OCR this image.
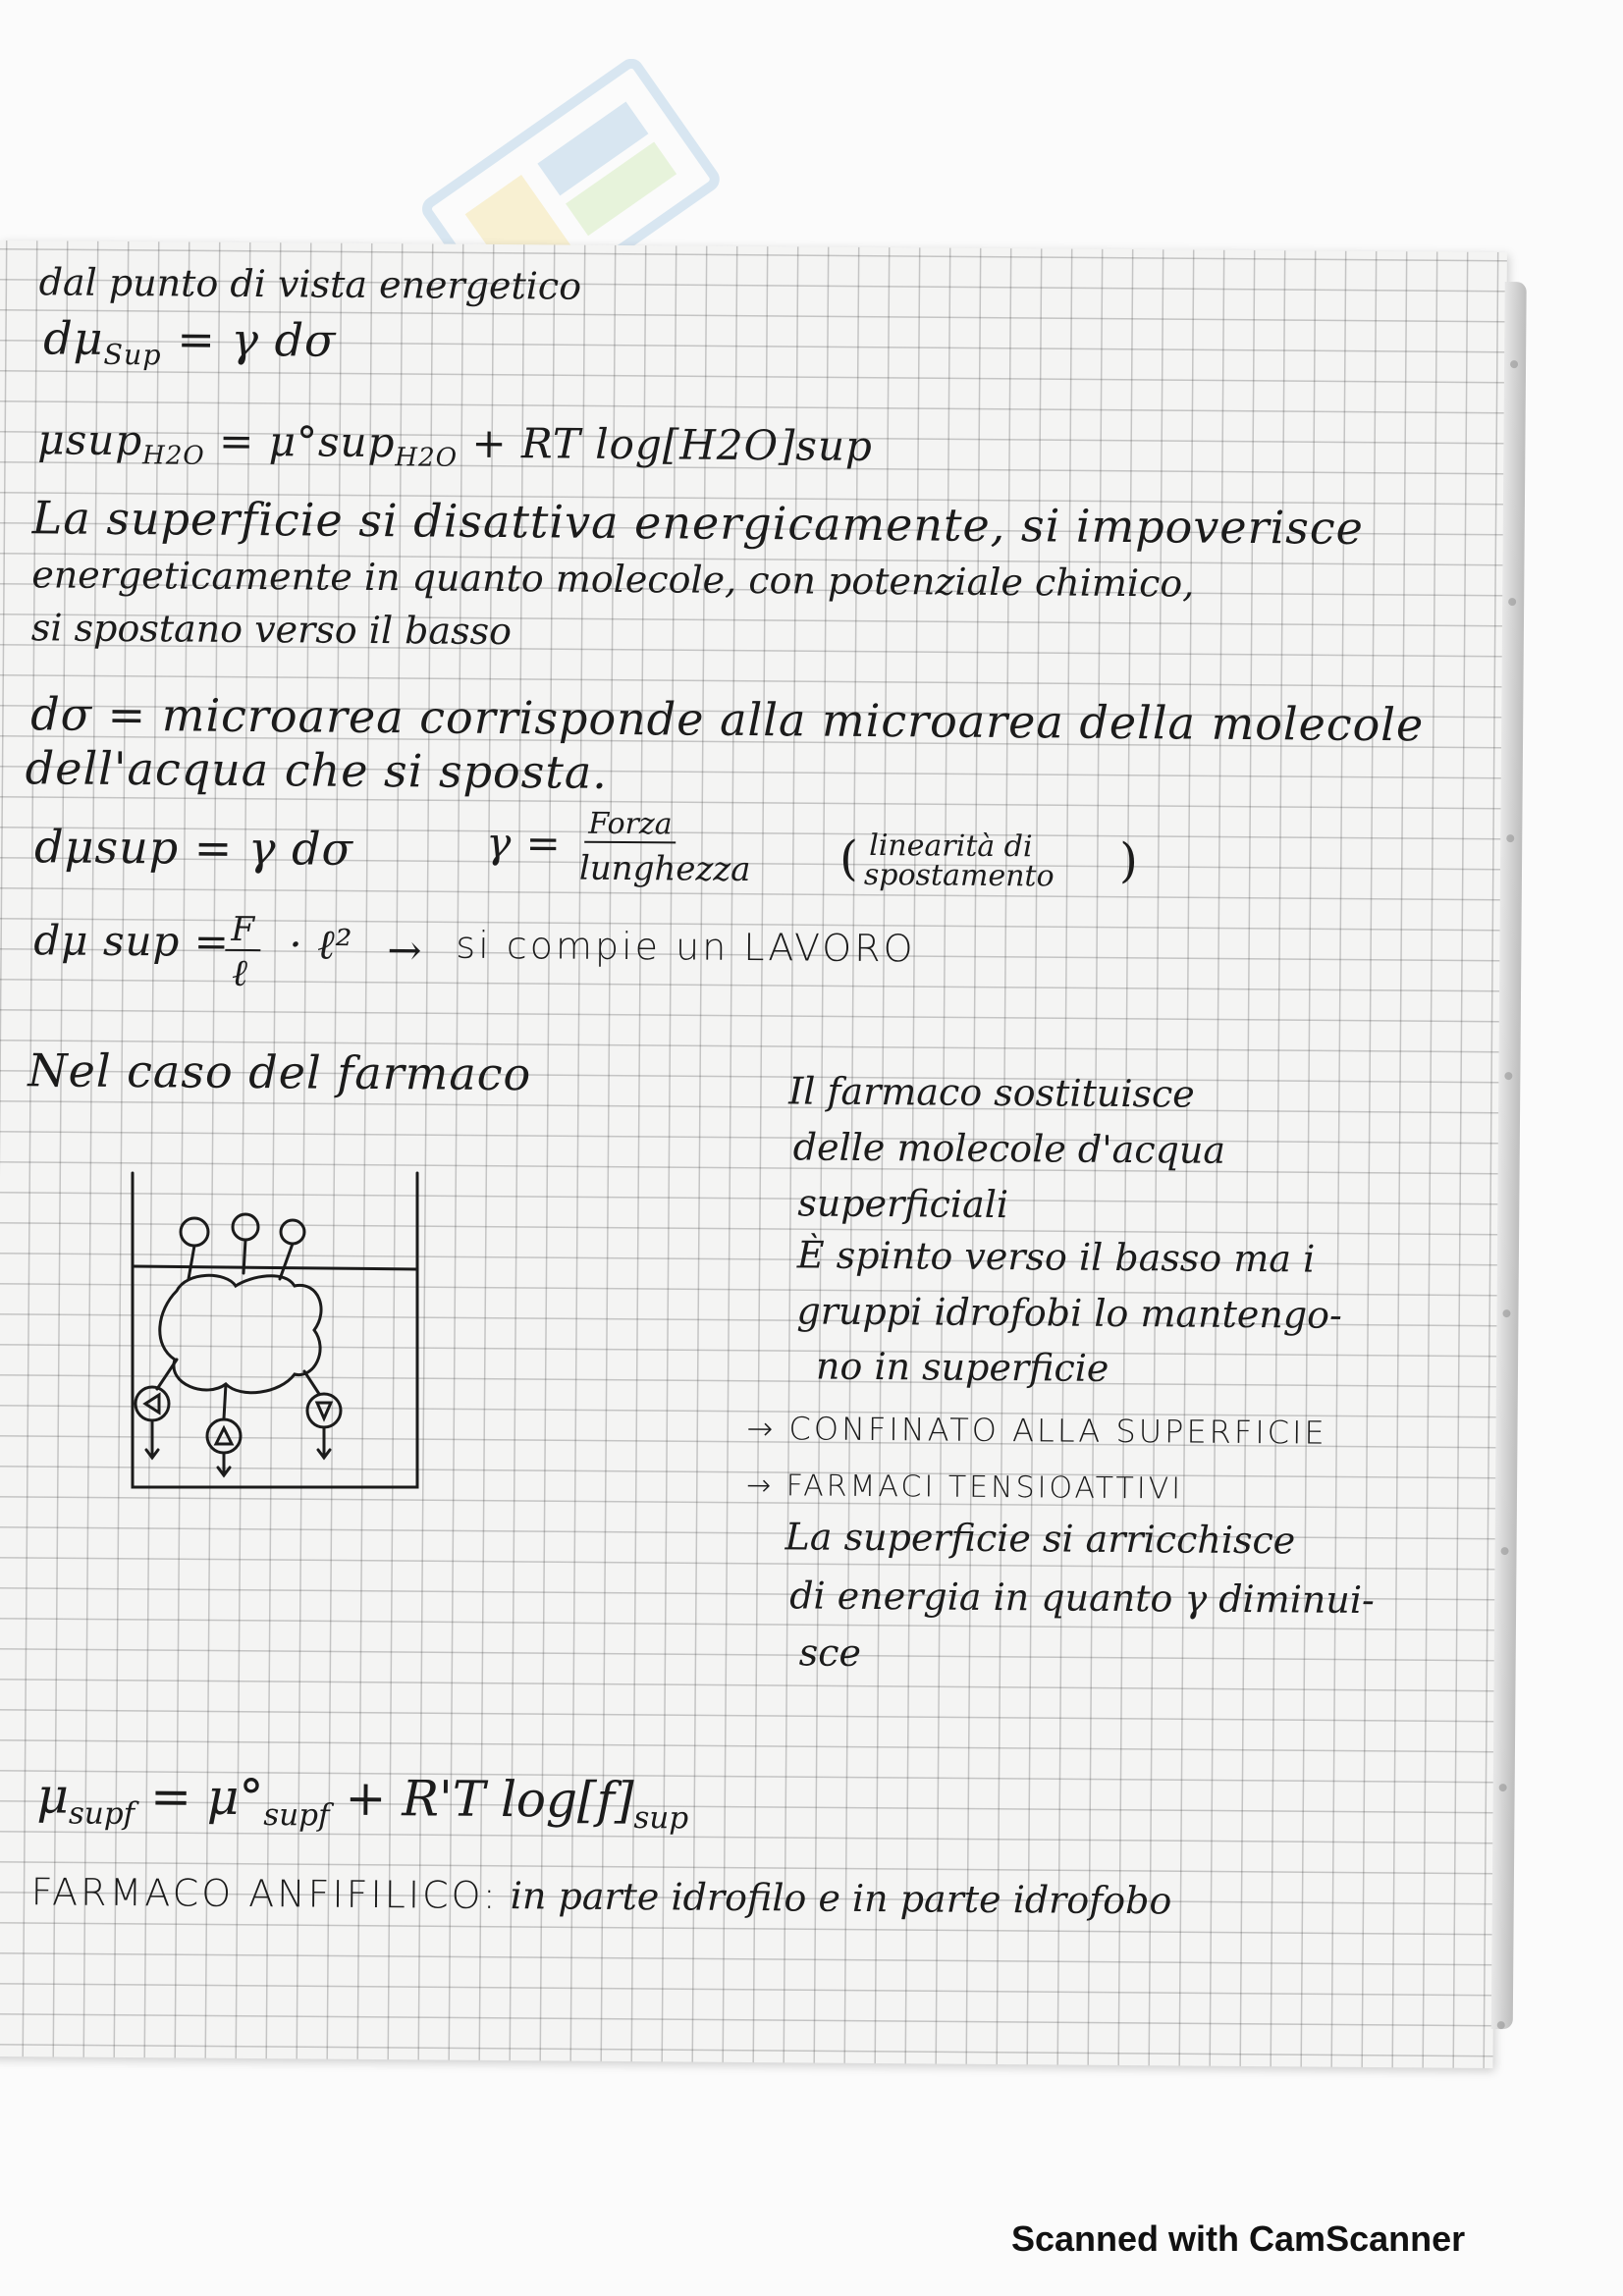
dal punto di vista energetico
$d\mu_{Sup} = \gamma$ dσ
μsup$_{H2O}$ = μ°sup$_{H2O}$ + RT log[H2O]sup
La superficie si disattiva energicamente, si impoverisce
energeticamente in quanto molecole, con potenziale chimico,
si spostano verso il basso
dσ = microarea corrisponde alla microarea della molecole
dell'acqua che si sposta.
dμsup = γ dσ	γ = Forza
lunghezza ( linearità di
spostamento )
dμ sup = F
ℓ
· ℓ² → si compie un LAVORO
Nel caso del farmaco	Il farmaco sostituisce
delle molecole d'acqua
superficiali
È spinto verso il basso ma i
gruppi idrofobi lo mantengo-
no in superficie
→ CONFINATO ALLA SUPERFICIE
→ FARMACI TENSIOATTIVI
La superficie si arricchisce
di energia in quanto γ diminui-
sce
$\mu_{supf} = \mu^\circ_{supf} + R'T$ $\log[f]_{sup}$
FARMACO ANFIFILICO: in parte idrofilo e in parte idrofobo
Scanned with CamScanner
